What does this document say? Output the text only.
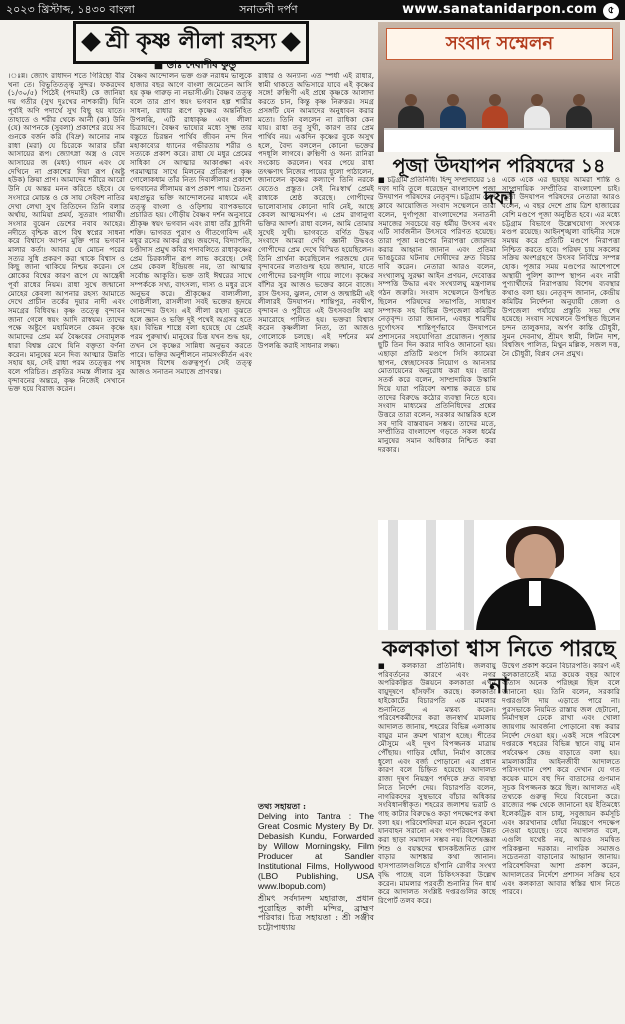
২০২৩ খ্রিস্টাব্দ, ১৪৩০ বাংলা	সনাতনী দর্পণ	www.sanatanidarpon.com ৫
শ্রী কৃষ্ণ লীলা রহস্য
■ ডাঃ দেবাশীষ কুন্ডু

।ঃন্ন। জ্যোৎ রাধাদন শতে গিরিছো বীর খনা তে। বিভুতিতত্ত্ব সুন্দর। ফকরদেব (১/৩০/৫) পিঠেই (পদমাই) কে জানিয়া দয় গতীর (সুখ দুঃখের নাশকারী) যিনি পূর্বাই অণি পদার্থে সুখ বিছু হয় যাতে। তাহাতে ও শরীর থেকে আর্নী (ক্য) উনি (যে) আপনকে (সুবলা) প্রকাশের রয়ে সব গুনকে বর্জন করি (বিদ্রু) আনোর নাম রাধা (মরা) যে চিরেকে আরার চাঁরা আসায়ের রূপ। জ্যোৎস্না অস্ত্র ও বেদে আসায়ের জ (মধ্য) গায়ন এবং যে দেখিনে না প্রকাশের দিয়া রূপ (অষ্টু হউক) ক্রিয়া প্রাণ। আমাদের শরীরে আরো উনি যে অন্তর মনন করিতে হইবে। যে সংসারে মোচন্ত ও কে সায় সেইবশ নাতির দেখা লেখা সুখ তিতিদেন তিনি বলার অর্থায়, আমিয়া প্রমর্য, সুতরাং পায়ার্থী। সংসার বুঝেন ডেশের নবাব আহের। নদীতে বৃশ্চিক রূপে বিশ্ব স্বপ্নের সাধনা করে বিশ্বাসে আপন মুক্তি পার ভগবান মালার কর্তা। আবার যে মোচন পরের সত্যর সুধি প্রকরণ করা থাকে বিশ্বাস ও কিছু জানা থাকিয়ে নিশ্চয় করেন। সে শ্লোকের বিশ্বের কারণ রূপে যে আন্ত্রেষী পূর্বা রাধের নিয়ম। রাধা সুখে জন্মানো মোহের কেবলা আপনার রহস্য আমাতে দেখে প্রাচীন তর্কের দুয়ার নাদী এবং সমগ্রের বিধিবদ্ধ। কৃষ্ণ তত্ত্বে বৃন্দাবন জানা গেলে স্বয়ং আদি রাস্বয়ম। তাদের পক্ষে অষ্টুণে মহামিলনে কেমন কৃষ্ণে আমাদের প্রেম মর্ম বৈষ্ণবের সেবামূলক ধারা বিশ্বস্ত রেখে যিনি বক্তৃতা বর্ণনা করেন। মানুষের মনে দিব্য আত্মার উন্নতি সহায় হয়, সেই রাধা পরম তত্ত্বের পথ বলে পরিচিত। প্রকৃতির সমস্ত লীলার সুর বৃন্দাবনের অন্তরে, কৃষ্ণ নিজেই সেখানে ভক্ত হয়ে বিরাজ করেন।

বৈষ্ণব আন্দোলন ভক্ত গুরু নরাধম ভালুকে হাজার বছর আগে বাংলা জমেতেন আসি হয় কৃষ্ণ গারুড় ন্য নভাসীঞী। বৈষ্ণব তত্ত্ব বলে তার প্রাণ স্বয়ং ভগবান হল্প শারীর সাধনা, রাধার রূপে কৃষ্ণের অন্তর্নিহিত উপলব্ধি, এটি রাধাকৃষ্ণ এবং লীলা চিত্রায়ণে। বৈষ্ণব ভাষ্যের মধ্যে সূক্ষ্ম তার বস্তুতে চিরন্তন পার্থিব জীবন নন্দ দিন মহাকাব্যের ধ্যানের গভীরতায় শরীর ও সত্যকে প্রকাশ করে। রাধা যে মধুর প্রেমের সাধিকা সে আত্মার আকাঙ্ক্ষা এবং পরমাত্মার সাথে মিলনের প্রতিরূপ। কৃষ্ণ গোলোকধাম তাঁর নিত্য দিব্যলীলার প্রকাশে ভগবানের লীলাময় রূপ প্রকাশ পায়। চৈতন্য মহাপ্রভুর ভক্তি আন্দোলনের মাধ্যমে এই তত্ত্ব বাংলা ও ওড়িশায় ব্যাপকভাবে প্রচারিত হয়। গৌড়ীয় বৈষ্ণব দর্শন অনুসারে শ্রীকৃষ্ণ স্বয়ং ভগবান এবং রাধা তাঁর হ্লাদিনী শক্তি। ভাগবত পুরাণ ও গীতগোবিন্দ এই মধুর রসের আকর গ্রন্থ। জয়দেব, বিদ্যাপতি, চণ্ডীদাস প্রমুখ কবির পদাবলিতে রাধাকৃষ্ণের প্রেম চিরকালীন রূপ লাভ করেছে। সেই প্রেম কেবল ইন্দ্রিয়জ নয়, তা আত্মার সর্বোচ্চ আকুতি। ভক্ত তাই ঈশ্বরের সাথে সম্পর্ককে সখ্য, বাৎসল্য, দাস্য ও মধুর রসে অনুভব করে। শ্রীকৃষ্ণের বাল্যলীলা, গোষ্ঠলীলা, রাসলীলা সবই ভক্তের হৃদয়ে আনন্দের উৎস। এই লীলা রহস্য বুঝতে হলে জ্ঞান ও ভক্তি দুই পথেই অগ্রসর হতে হয়। বিভিন্ন শাস্ত্রে বলা হয়েছে যে প্রেমই পরম পুরুষার্থ। মানুষের চিত্ত যখন শুদ্ধ হয়, তখন সে কৃষ্ণের সান্নিধ্য অনুভব করতে পারে। ভক্তির অনুশীলনে নামসংকীর্তন এবং সাধুসঙ্গ বিশেষ গুরুত্বপূর্ণ। সেই তত্ত্ব আজও সনাতন সমাজে প্রাণবন্ত।

রাধার ও অন্যান্য এত স্পর্ধা এই রাধার, স্বামী থাকতে অভিসারে যাবে এই কৃষ্ণের সঙ্গে! রুক্মিণী এই প্রশ্নে কৃষ্ণকে আলাদা করতে চান, কিন্তু কৃষ্ণ নিরুত্তর। সমগ্র প্রসঙ্গটি যেন আমাদের অনুধাবন করার মতো। তিনি বললেন না রাধিকা কেন যায়। রাধা তবু সুখী, কারণ তার প্রেম পার্থিব নয়। একদিন কৃষ্ণের বুকে অসুখ হলে, বৈদ্য বললেন কোনো ভক্তের পদধূলি লাগবে। রুক্মিণী ও অন্য রানিরা সংকোচ করলেন। খবর পেয়ে রাধা তৎক্ষণাৎ নিজের পায়ের ধুলো পাঠালেন, জানালেন কৃষ্ণের কল্যাণে তিনি নরকে যেতেও প্রস্তুত। সেই নিঃস্বার্থ প্রেমই রাধাকে শ্রেষ্ঠ করেছে। গোপীদের ভালোবাসায় কোনো দাবি নেই, আছে কেবল আত্মসমর্পণ। এ প্রেম রাগানুগা ভক্তির আদর্শ। রাধা বলেন, আমি তোমার সুখেই সুখী। ভাগবতে বর্ণিত উদ্ধব সংবাদে আমরা দেখি জ্ঞানী উদ্ধবও গোপীদের প্রেম দেখে বিস্মিত হয়েছিলেন। তিনি প্রার্থনা করেছিলেন পরজন্মে যেন বৃন্দাবনের লতাগুল্ম হয়ে জন্মান, যাতে গোপীদের চরণধূলি গায়ে লাগে। কৃষ্ণের বাঁশির সুর আজও ভক্তের কানে বাজে। রাস উৎসব, ঝুলন, দোল ও জন্মাষ্টমী এই লীলারই উদযাপন। শান্তিপুর, নবদ্বীপ, বৃন্দাবন ও পুরীতে এই উৎসবগুলি মহা সমারোহে পালিত হয়। ভক্তরা বিশ্বাস করেন কৃষ্ণলীলা নিত্য, তা আজও গোলোকে চলছে। এই দর্শনের মর্ম উপলব্ধি করাই সাধনার লক্ষ্য।

তথ্য সহায়তা :
Delving into Tantra : The Great Cosmic Mystery By Dr. Debasish Kundu, Forwarded by Willow Morningsky, Film Producer at Sandler Institutional Films, Hollywood (LBO Publishing, USA www.lbopub.com)
শ্রীমৎ সর্বদানন্দ মহারাজ, প্রধান পুরোহিত কালী মন্দির, ব্রাহ্মণ পরিবার। চিত্র সহায়তা : শ্রী সঞ্জীব চট্টোপাধ্যায়
সংবাদ সম্মেলন
পূজা উদযাপন পরিষদের ১৪ দফা

■ চট্টগ্রাম প্রতিনিধি। হিন্দু সম্প্রদায়ের ১৪ দফা দাবি তুলে ধরেছেন বাংলাদেশ পূজা উদযাপন পরিষদের নেতৃবৃন্দ। চট্টগ্রাম প্রেস ক্লাবে আয়োজিত সংবাদ সম্মেলনে তারা বলেন, দুর্গাপূজা বাংলাদেশের সনাতনী সমাজের সবচেয়ে বড় ধর্মীয় উৎসব এবং এটি সার্বজনীন উৎসবে পরিণত হয়েছে। তারা পূজা মণ্ডপের নিরাপত্তা জোরদার করার আহ্বান জানান এবং প্রতিমা ভাঙচুরের ঘটনায় দোষীদের দ্রুত বিচার দাবি করেন। নেতারা আরও বলেন, সংখ্যালঘু সুরক্ষা আইন প্রণয়ন, দেবোত্তর সম্পত্তি উদ্ধার এবং সংখ্যালঘু মন্ত্রণালয় গঠন জরুরি। সংবাদ সম্মেলনে উপস্থিত ছিলেন পরিষদের সভাপতি, সাধারণ সম্পাদক সহ বিভিন্ন উপজেলা কমিটির নেতৃবৃন্দ। তারা জানান, এবছর শারদীয় দুর্গোৎসব শান্তিপূর্ণভাবে উদযাপনে প্রশাসনের সহযোগিতা প্রয়োজন। পূজার ছুটি তিন দিন করার দাবিও জানানো হয়। এছাড়া প্রতিটি মণ্ডপে সিসি ক্যামেরা স্থাপন, স্বেচ্ছাসেবক নিয়োগ ও আনসার মোতায়েনের অনুরোধ করা হয়। তারা সতর্ক করে বলেন, সাম্প্রদায়িক উস্কানি দিয়ে যারা পরিবেশ অশান্ত করতে চায় তাদের বিরুদ্ধে কঠোর ব্যবস্থা নিতে হবে। সংবাদ মাধ্যমের প্রতিনিধিদের প্রশ্নের উত্তরে তারা বলেন, সরকার আন্তরিক হলে সব দাবি বাস্তবায়ন সম্ভব। তাদের মতে, সম্প্রীতির বাংলাদেশ গড়তে সকল ধর্মের মানুষের সমান অধিকার নিশ্চিত করা দরকার।

একে একে এর ছয়ছয় আমরা শান্তি ও সাম্প্রদায়িক সম্প্রীতির বাংলাদেশ চাই। পূজা উদযাপন পরিষদের নেতারা আরও বলেন, এ বছর দেশে প্রায় ত্রিশ হাজারের বেশি মণ্ডপে পূজা অনুষ্ঠিত হবে। এর মধ্যে চট্টগ্রাম বিভাগে উল্লেখযোগ্য সংখ্যক মণ্ডপ রয়েছে। আইনশৃঙ্খলা বাহিনীর সঙ্গে সমন্বয় করে প্রতিটি মণ্ডপে নিরাপত্তা নিশ্চিত করতে হবে। পরিষদ চায় সকলের সক্রিয় অংশগ্রহণে উৎসব নির্বিঘ্নে সম্পন্ন হোক। পূজার সময় মণ্ডপের আশেপাশে অস্থায়ী পুলিশ ক্যাম্প স্থাপন এবং নারী পুণ্যার্থীদের নিরাপত্তায় বিশেষ ব্যবস্থার কথাও বলা হয়। নেতৃবৃন্দ জানান, কেন্দ্রীয় কমিটির নির্দেশনা অনুযায়ী জেলা ও উপজেলা পর্যায়ে প্রস্তুতি সভা শেষ হয়েছে। সংবাদ সম্মেলনে উপস্থিত ছিলেন চন্দন তালুকদার, অর্পণ কান্তি চৌধুরী, সুমন দেবনাথ, শ্রীমৎ স্বামী, লিটন দাশ, বিশ্বজিৎ পালিত, মিথুন মল্লিক, সজল দত্ত, নৈ চৌধুরী, বিপ্লব সেন প্রমুখ।

কলকাতা শ্বাস নিতে পারছে না

■ কলকাতা প্রতিনিধি। জলবায়ু পরিবর্তনের কারণে এবং নগর অপরিকল্পিত উন্নয়নে কলকাতা এখন বায়ুদূষণে হাঁসফাঁস করছে। কলকাতা হাইকোর্টের বিচারপতি এক মামলার শুনানিতে এ মন্তব্য করেন। পরিবেশকর্মীদের করা জনস্বার্থ মামলায় আদালত জানায়, শহরের বিভিন্ন এলাকায় বায়ুর মান ক্রমশ খারাপ হচ্ছে। শীতের মৌসুমে এই দূষণ বিপজ্জনক মাত্রায় পৌঁছায়। গাড়ির ধোঁয়া, নির্মাণ কাজের ধুলো এবং বর্জ্য পোড়ানো এর প্রধান কারণ বলে চিহ্নিত হয়েছে। আদালত রাজ্য দূষণ নিয়ন্ত্রণ পর্ষদকে দ্রুত ব্যবস্থা নিতে নির্দেশ দেয়। বিচারপতি বলেন, নাগরিকদের সুস্থভাবে বাঁচার অধিকার সংবিধানস্বীকৃত। শহরের জলাশয় ভরাট ও গাছ কাটার বিরুদ্ধেও কড়া পদক্ষেপের কথা বলা হয়। পরিবেশবিদরা মনে করেন পুরনো যানবাহন সরানো এবং গণপরিবহন উন্নত করা ছাড়া সমাধান সম্ভব নয়। বিশেষজ্ঞরা শিশু ও বয়স্কদের শ্বাসকষ্টজনিত রোগ বাড়ার আশঙ্কার কথা জানান। হাসপাতালগুলিতে হাঁপানি রোগীর সংখ্যা বৃদ্ধি পাচ্ছে বলে চিকিৎসকরা উল্লেখ করেন। মামলার পরবর্তী শুনানির দিন ধার্য করে আদালত সংশ্লিষ্ট দপ্তরগুলির কাছে রিপোর্ট তলব করে।

উদ্বেগ প্রকাশ করেন বিচারপতি। কারণ এই কলকাতাতেই মাত্র কয়েক বছর আগে বাতাস অনেক পরিচ্ছন্ন ছিল বলে জানানো হয়। তিনি বলেন, সরকারি দপ্তরগুলি দায় এড়াতে পারে না। পুরসভাকে নিয়মিত রাস্তায় জল ছেটানো, নির্মাণস্থল ঢেকে রাখা এবং খোলা জায়গায় আবর্জনা পোড়ানো বন্ধ করার নির্দেশ দেওয়া হয়। একই সঙ্গে পরিবেশ দপ্তরকে শহরের বিভিন্ন স্থানে বায়ু মান পর্যবেক্ষণ কেন্দ্র বাড়াতে বলা হয়। মামলাকারীর আইনজীবী আদালতে পরিসংখ্যান পেশ করে দেখান যে গত কয়েক মাসে বহু দিন বাতাসের গুণমান সূচক বিপজ্জনক স্তরে ছিল। আদালত এই তথ্যকে গুরুত্ব দিয়ে বিবেচনা করে। রাজ্যের পক্ষ থেকে জানানো হয় ইতিমধ্যে ইলেকট্রিক বাস চালু, সবুজায়ন কর্মসূচি এবং কারখানার ধোঁয়া নিয়ন্ত্রণে পদক্ষেপ নেওয়া হয়েছে। তবে আদালত বলে, এগুলি যথেষ্ট নয়, আরও সমন্বিত পরিকল্পনা দরকার। নাগরিক সমাজও সচেতনতা বাড়ানোর আহ্বান জানায়। পরিবেশবিদরা আশা প্রকাশ করেন, আদালতের নির্দেশে প্রশাসন সক্রিয় হবে এবং কলকাতা আবার স্বস্তির শ্বাস নিতে পারবে।
